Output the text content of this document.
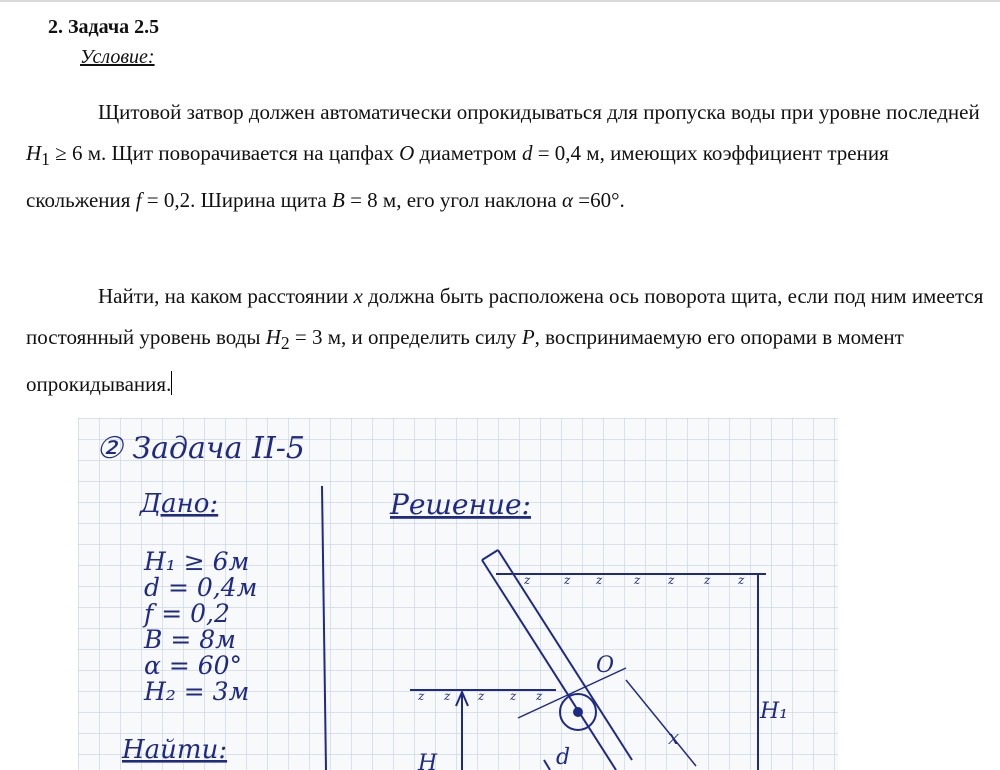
2. Задача 2.5
Условие:
Щитовой затвор должен автоматически опрокидываться для пропуска воды при уровне последней $H_1 \ge 6$ м. Щит поворачивается на цапфах O диаметром d = 0,4 м, имеющих коэффициент трения скольжения f = 0,2. Ширина щита B = 8 м, его угол наклона α =60°.
Найти, на каком расстоянии x должна быть расположена ось поворота щита, если под ним имеется постоянный уровень воды $H_2 = 3$ м, и определить силу P, воспринимаемую его опорами в момент опрокидывания.
② Задача II-5
Дано:
H₁ ≥ 6м
d = 0,4м
f = 0,2
B = 8м
α = 60°
H₂ = 3м
Найти:
Решение:
z	z z	z z z z
H₁
z z z z z
H
O
x
d
